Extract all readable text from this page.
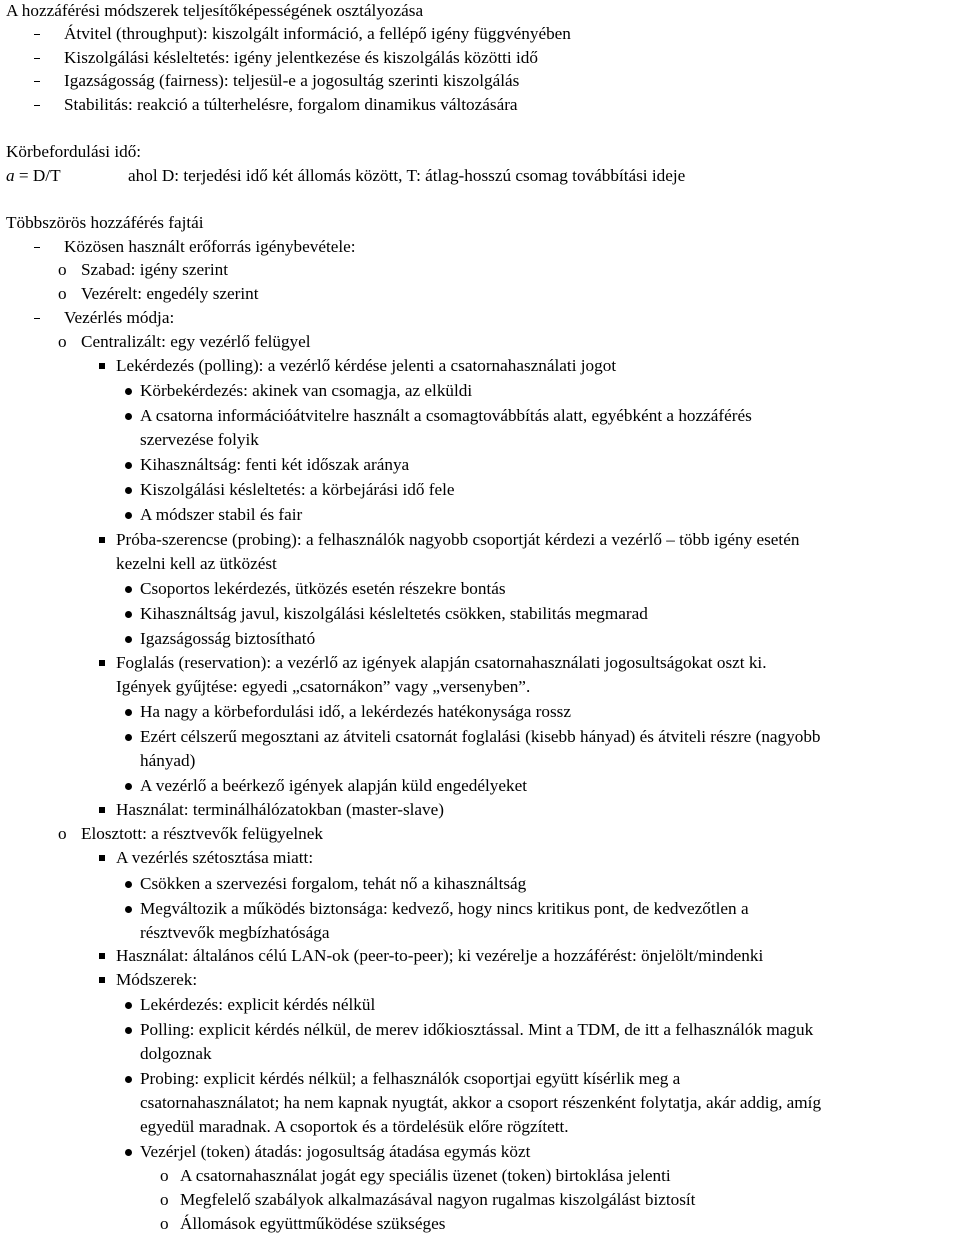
A hozzáférési módszerek teljesítőképességének osztályozása
Átvitel (throughput): kiszolgált információ, a fellépő igény függvényében
Kiszolgálási késleltetés: igény jelentkezése és kiszolgálás közötti idő
Igazságosság (fairness): teljesül-e a jogosultág szerinti kiszolgálás
Stabilitás: reakció a túlterhelésre, forgalom dinamikus változására
Körbefordulási idő:
a = D/T	ahol D: terjedési idő két állomás között, T: átlag-hosszú csomag továbbítási ideje
Többszörös hozzáférés fajtái
Közösen használt erőforrás igénybevétele:
o Szabad: igény szerint
o Vezérelt: engedély szerint
Vezérlés módja:
o Centralizált: egy vezérlő felügyel
Lekérdezés (polling): a vezérlő kérdése jelenti a csatornahasználati jogot
Körbekérdezés: akinek van csomagja, az elküldi
A csatorna információátvitelre használt a csomagtovábbítás alatt, egyébként a hozzáférés
szervezése folyik
Kihasználtság: fenti két időszak aránya
Kiszolgálási késleltetés: a körbejárási idő fele
A módszer stabil és fair
Próba-szerencse (probing): a felhasználók nagyobb csoportját kérdezi a vezérlő – több igény esetén
kezelni kell az ütközést
Csoportos lekérdezés, ütközés esetén részekre bontás
Kihasználtság javul, kiszolgálási késleltetés csökken, stabilitás megmarad
Igazságosság biztosítható
Foglalás (reservation): a vezérlő az igények alapján csatornahasználati jogosultságokat oszt ki.
Igények gyűjtése: egyedi „csatornákon” vagy „versenyben”.
Ha nagy a körbefordulási idő, a lekérdezés hatékonysága rossz
Ezért célszerű megosztani az átviteli csatornát foglalási (kisebb hányad) és átviteli részre (nagyobb
hányad)
A vezérlő a beérkező igények alapján küld engedélyeket
Használat: terminálhálózatokban (master-slave)
o Elosztott: a résztvevők felügyelnek
A vezérlés szétosztása miatt:
Csökken a szervezési forgalom, tehát nő a kihasználtság
Megváltozik a működés biztonsága: kedvező, hogy nincs kritikus pont, de kedvezőtlen a
résztvevők megbízhatósága
Használat: általános célú LAN-ok (peer-to-peer); ki vezérelje a hozzáférést: önjelölt/mindenki
Módszerek:
Lekérdezés: explicit kérdés nélkül
Polling: explicit kérdés nélkül, de merev időkiosztással. Mint a TDM, de itt a felhasználók maguk
dolgoznak
Probing: explicit kérdés nélkül; a felhasználók csoportjai együtt kísérlik meg a
csatornahasználatot; ha nem kapnak nyugtát, akkor a csoport részenként folytatja, akár addig, amíg
egyedül maradnak. A csoportok és a tördelésük előre rögzített.
Vezérjel (token) átadás: jogosultság átadása egymás közt
o A csatornahasználat jogát egy speciális üzenet (token) birtoklása jelenti
o Megfelelő szabályok alkalmazásával nagyon rugalmas kiszolgálást biztosít
o Állomások együttműködése szükséges
